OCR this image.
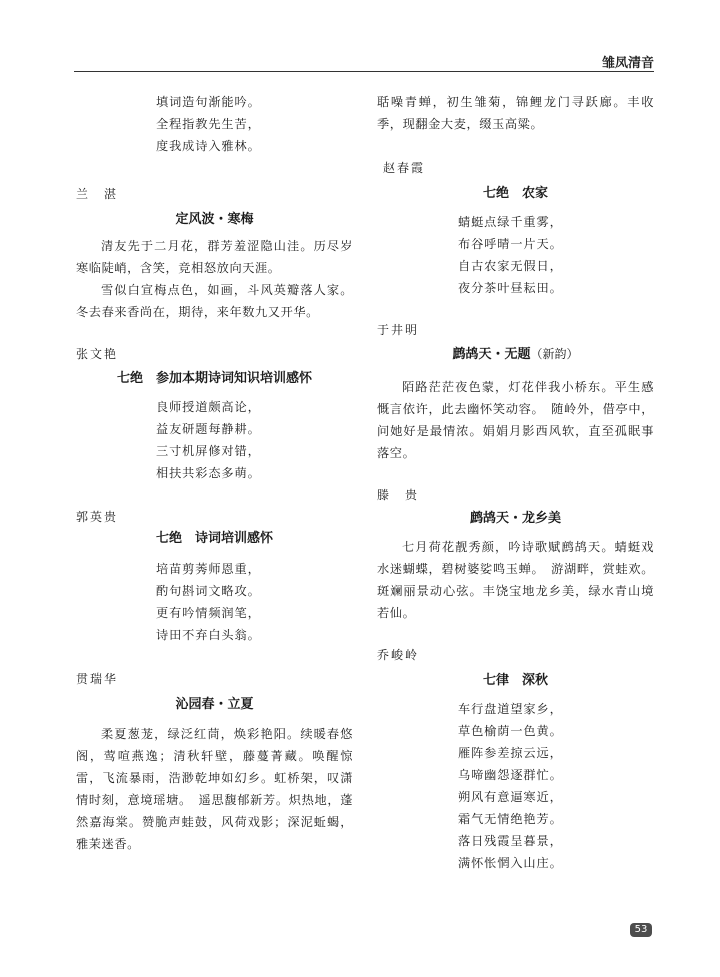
雏凤清音
填词造句渐能吟。
全程指教先生苦，
度我成诗入雅林。
兰　湛
定风波・寒梅
清友先于二月花，群芳羞涩隐山洼。历尽岁寒临陡峭，含笑，竞相怒放向天涯。
雪似白宣梅点色，如画，斗风英瓣落人家。冬去春来香尚在，期待，来年数九又开华。
张文艳
七绝　参加本期诗词知识培训感怀
良师授道颇高论，
益友研题每静耕。
三寸机屏修对错，
相扶共彩态多萌。
郭英贵
七绝　诗词培训感怀
培苗剪莠师恩重，
酌句斟词文略攻。
更有吟情频润笔，
诗田不弃白头翁。
贯瑞华
沁园春・立夏
柔夏葱茏，绿泛红茼，焕彩艳阳。续暖春悠阁，莺喧燕逸；清秋轩壁，藤蔓菁藏。唤醒惊雷，飞流暴雨，浩渺乾坤如幻乡。虹桥架，叹潇情时刻，意境瑶塘。　遥思馥郁新芳。炽热地，蓬然嘉海棠。赞脆声蛙鼓，风荷戏影；深泥蚯蝎，雅茉迷香。
聒噪青蝉，初生雏菊，锦鲤龙门寻跃廊。丰收季，现翻金大麦，缀玉高粱。
赵春霞
七绝　农家
蜻蜓点绿千重雾，
布谷呼晴一片天。
自古农家无假日，
夜分茶叶昼耘田。
于井明
鹧鸪天・无题（新韵）
陌路茫茫夜色蒙，灯花伴我小桥东。平生感慨言依许，此去幽怀笑动容。　随岭外，借亭中，问她好是最情浓。娟娟月影西风软，直至孤眠事落空。
滕　贵
鹧鸪天・龙乡美
七月荷花靓秀颜，吟诗歌赋鹧鸪天。蜻蜓戏水迷蝴蝶，碧树婆娑鸣玉蝉。　游湖畔，赏蛙欢。斑斓丽景动心弦。丰饶宝地龙乡美，绿水青山境若仙。
乔峻岭
七律　深秋
车行盘道望家乡，
草色榆荫一色黄。
雁阵参差掠云远，
乌啼幽怨逐群忙。
朔风有意逼寒近，
霜气无情绝艳芳。
落日残霞呈暮景，
满怀怅惘入山庄。
53
